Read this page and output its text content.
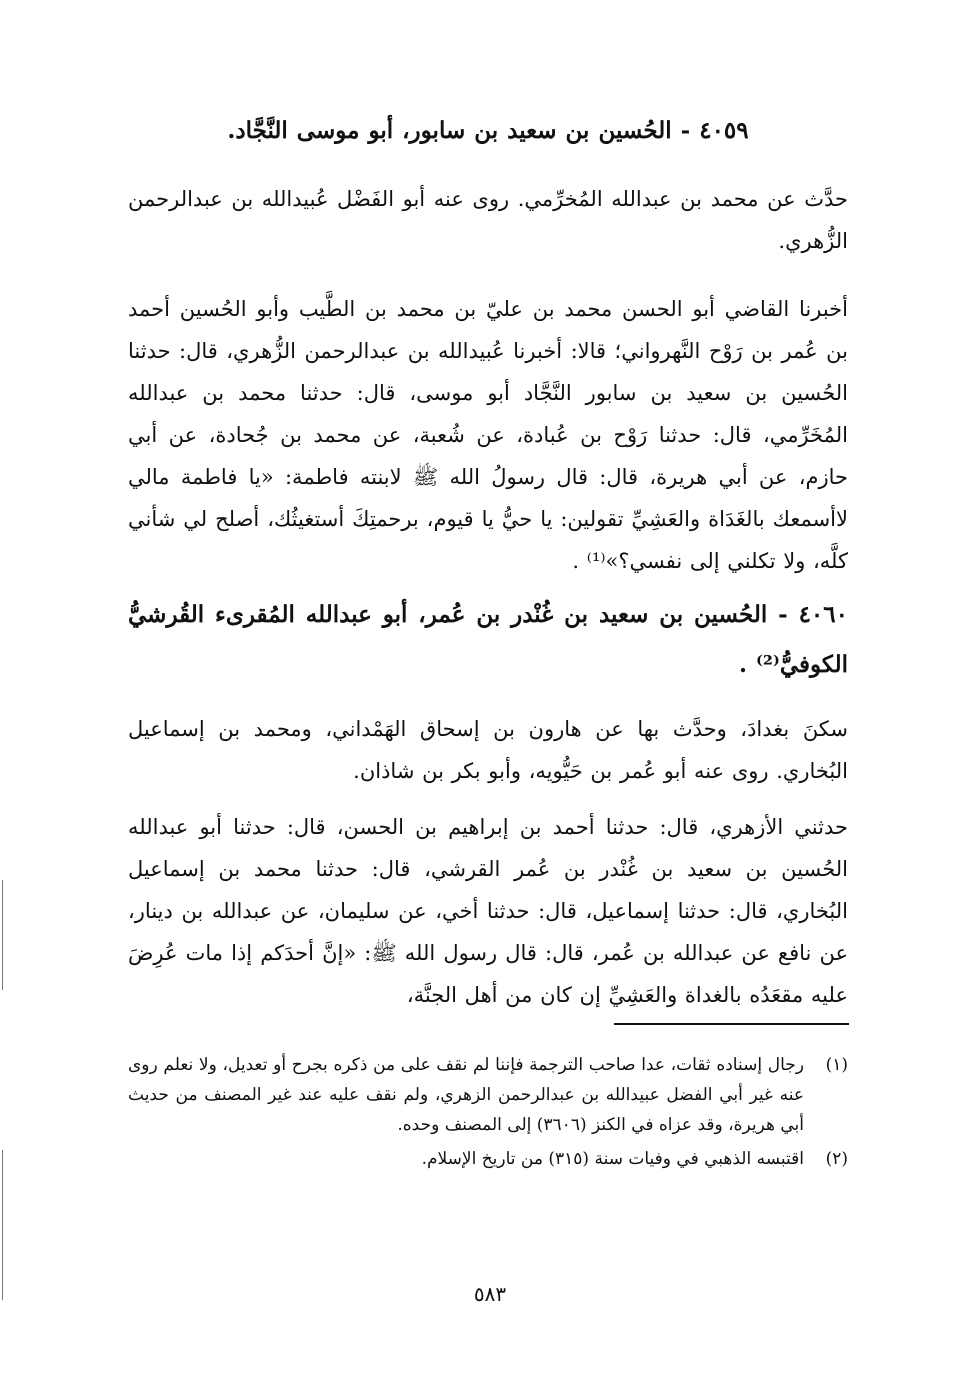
٤٠٥٩ - الحُسين بن سعيد بن سابور، أبو موسى النَّجَّاد.
حدَّث عن محمد بن عبدالله المُخرِّمي. روى عنه أبو الفَضْل عُبيدالله بن عبدالرحمن الزُّهري.
أخبرنا القاضي أبو الحسن محمد بن عليّ بن محمد بن الطَّيب وأبو الحُسين أحمد بن عُمر بن رَوْح النَّهرواني؛ قالا: أخبرنا عُبيدالله بن عبدالرحمن الزُّهري، قال: حدثنا الحُسين بن سعيد بن سابور النَّجَّاد أبو موسى، قال: حدثنا محمد بن عبدالله المُخَرِّمي، قال: حدثنا رَوْح بن عُبادة، عن شُعبة، عن محمد بن جُحادة، عن أبي حازم، عن أبي هريرة، قال: قال رسولُ الله ﷺ لابنته فاطمة: «يا فاطمة مالي لاأسمعك بالغَدَاة والعَشِيِّ تقولين: يا حيُّ يا قيوم، برحمتِكَ أستغيثُك، أصلح لي شأني كلَّه، ولا تكلني إلى نفسي؟»⁽¹⁾ .
٤٠٦٠ - الحُسين بن سعيد بن غُنْدر بن عُمر، أبو عبدالله المُقرىء القُرشيُّ الكوفيُّ⁽²⁾ .
سكنَ بغدادَ، وحدَّث بها عن هارون بن إسحاق الهَمْداني، ومحمد بن إسماعيل البُخاري. روى عنه أبو عُمر بن حَيُّويه، وأبو بكر بن شاذان.
حدثني الأزهري، قال: حدثنا أحمد بن إبراهيم بن الحسن، قال: حدثنا أبو عبدالله الحُسين بن سعيد بن غُنْدر بن عُمر القرشي، قال: حدثنا محمد بن إسماعيل البُخاري، قال: حدثنا إسماعيل، قال: حدثنا أخي، عن سليمان، عن عبدالله بن دينار، عن نافع عن عبدالله بن عُمر، قال: قال رسول الله ﷺ: «إنَّ أحدَكم إذا مات عُرِضَ عليه مقعَدُه بالغداة والعَشِيِّ إن كان من أهل الجنَّة،
(١)
رجال إسناده ثقات، عدا صاحب الترجمة فإننا لم نقف على من ذكره بجرح أو تعديل، ولا نعلم روى عنه غير أبي الفضل عبيدالله بن عبدالرحمن الزهري، ولم نقف عليه عند غير المصنف من حديث أبي هريرة، وقد عزاه في الكنز (٣٦٠٦) إلى المصنف وحده.
(٢)
اقتبسه الذهبي في وفيات سنة (٣١٥) من تاريخ الإسلام.
٥٨٣
